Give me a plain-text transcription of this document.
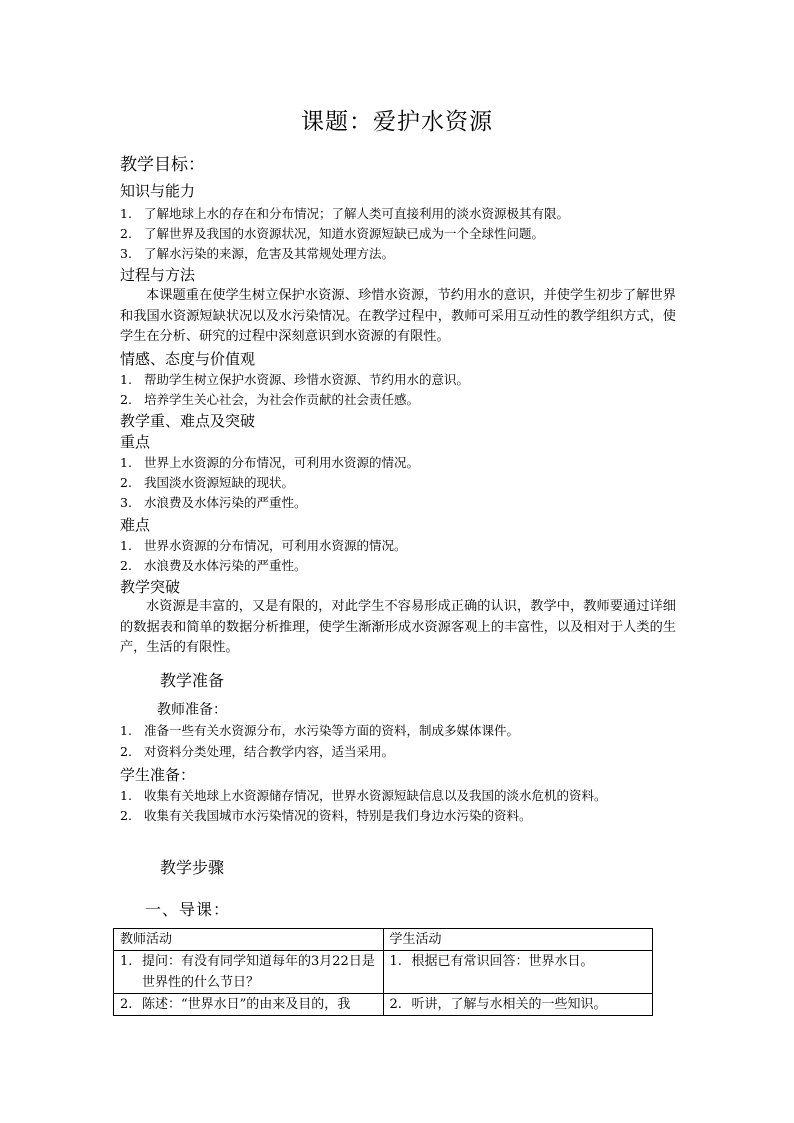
课题：爱护水资源
教学目标：
知识与能力
1. 了解地球上水的存在和分布情况；了解人类可直接利用的淡水资源极其有限。
2. 了解世界及我国的水资源状况，知道水资源短缺已成为一个全球性问题。
3. 了解水污染的来源，危害及其常规处理方法。
过程与方法
本课题重在使学生树立保护水资源、珍惜水资源，节约用水的意识，并使学生初步了解世界和我国水资源短缺状况以及水污染情况。在教学过程中，教师可采用互动性的教学组织方式，使学生在分析、研究的过程中深刻意识到水资源的有限性。
情感、态度与价值观
1. 帮助学生树立保护水资源、珍惜水资源、节约用水的意识。
2. 培养学生关心社会，为社会作贡献的社会责任感。
教学重、难点及突破
重点
1. 世界上水资源的分布情况，可利用水资源的情况。
2. 我国淡水资源短缺的现状。
3. 水浪费及水体污染的严重性。
难点
1. 世界水资源的分布情况，可利用水资源的情况。
2. 水浪费及水体污染的严重性。
教学突破
水资源是丰富的，又是有限的，对此学生不容易形成正确的认识，教学中，教师要通过详细的数据表和简单的数据分析推理，使学生渐渐形成水资源客观上的丰富性，以及相对于人类的生产，生活的有限性。
教学准备
教师准备：
1. 准备一些有关水资源分布，水污染等方面的资料，制成多媒体课件。
2. 对资料分类处理，结合教学内容，适当采用。
学生准备：
1. 收集有关地球上水资源储存情况，世界水资源短缺信息以及我国的淡水危机的资料。
2. 收集有关我国城市水污染情况的资料，特别是我们身边水污染的资料。
教学步骤
一、导课：
教师活动	学生活动

1. 提问：有没有同学知道每年的3月22日是世界性的什么节日？	1. 根据已有常识回答：世界水日。

2. 陈述：“世界水日”的由来及目的，我	2. 听讲，了解与水相关的一些知识。
